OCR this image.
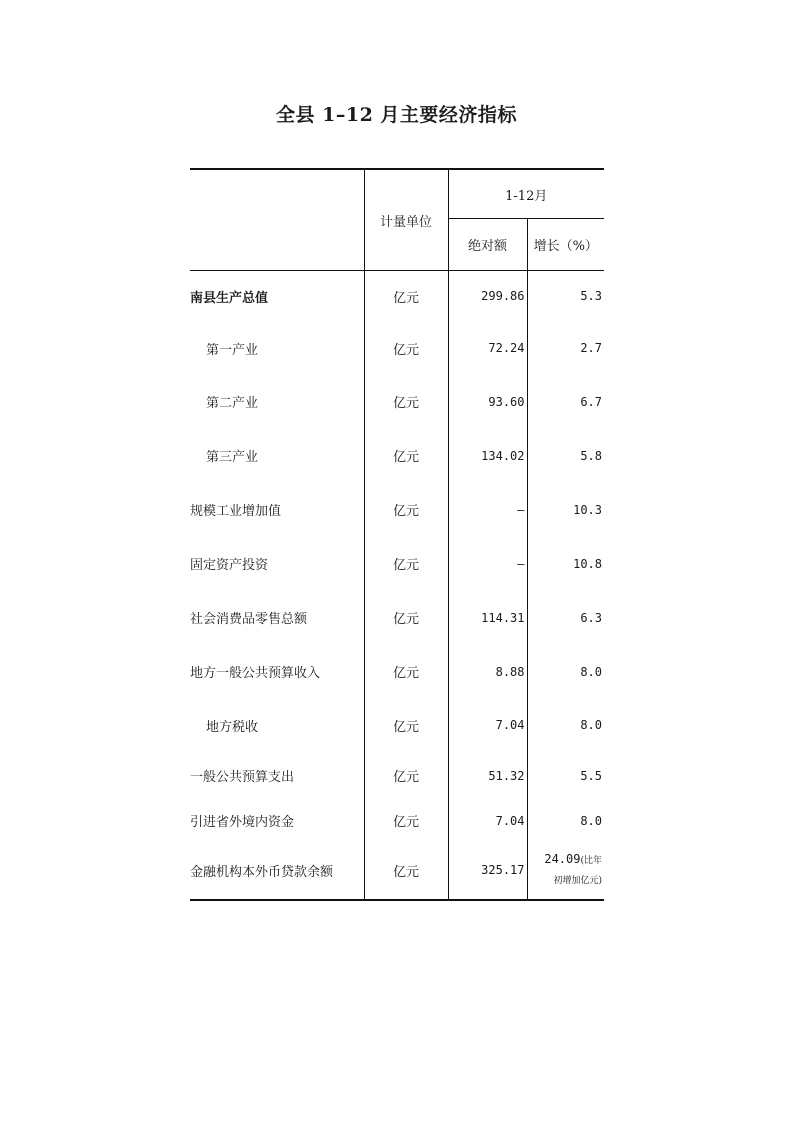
全县 1–12 月主要经济指标
	计量单位	1-12月	
		绝对额	增长（%）
南县生产总值	亿元	299.86	5.3
第一产业	亿元	72.24	2.7
第二产业	亿元	93.60	6.7
第三产业	亿元	134.02	5.8
规模工业增加值	亿元	–	10.3
固定资产投资	亿元	–	10.8
社会消费品零售总额	亿元	114.31	6.3
地方一般公共预算收入	亿元	8.88	8.0
地方税收	亿元	7.04	8.0
一般公共预算支出	亿元	51.32	5.5
引进省外境内资金	亿元	7.04	8.0
金融机构本外币贷款余额	亿元	325.17	24.09(比年
初增加亿元)
